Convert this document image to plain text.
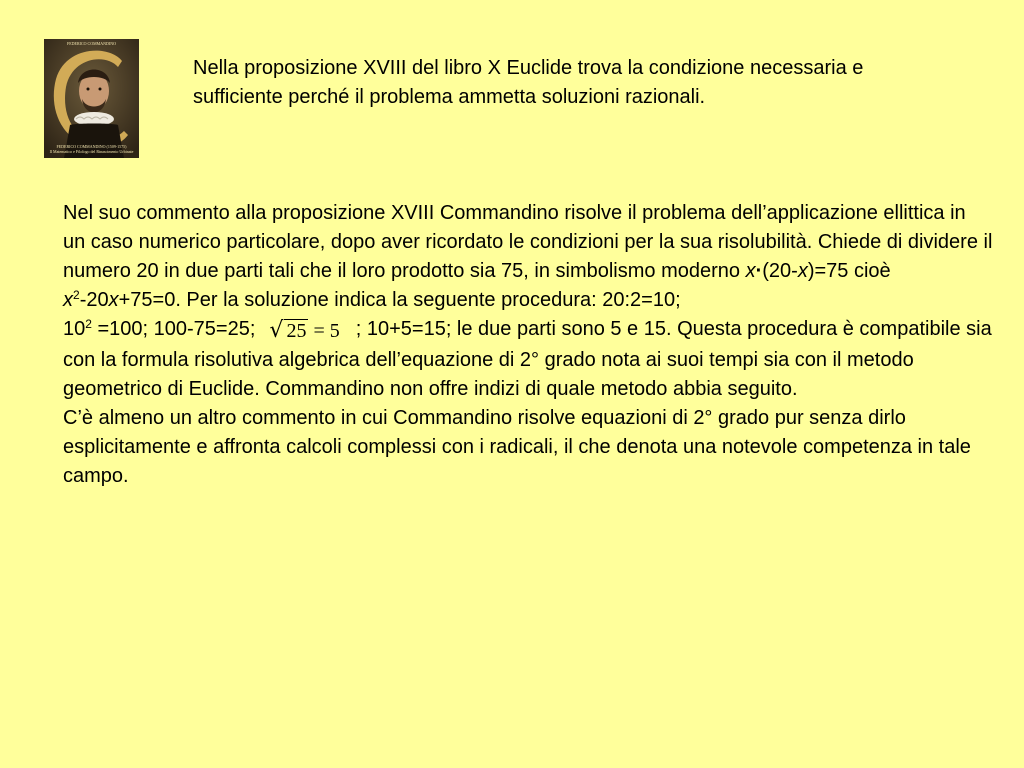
FEDERICO COMMANDINO
FEDERICO COMMANDINO (1509-1575)
Il Matematico e Filologo del Rinascimento Urbinate
Nella proposizione XVIII del libro X Euclide trova la condizione necessaria e sufficiente perché il problema ammetta soluzioni razionali.

Nel suo commento alla proposizione XVIII Commandino risolve il problema dell’applicazione ellittica in un caso numerico particolare, dopo aver ricordato le condizioni per la sua risolubilità. Chiede di dividere il numero 20 in due parti tali che il loro prodotto sia 75, in simbolismo moderno x·(20-x)=75 cioè
$x^2-20x+75=0$. Per la soluzione indica la seguente procedura: 20:2=10;
$10^2 =100$; 100-75=25; √ 25 = 5 ; 10+5=15; le due parti sono 5 e 15. Questa procedura è compatibile sia con la formula risolutiva algebrica dell’equazione di 2° grado nota ai suoi tempi sia con il metodo geometrico di Euclide. Commandino non offre indizi di quale metodo abbia seguito.

C’è almeno un altro commento in cui Commandino risolve equazioni di 2° grado pur senza dirlo esplicitamente e affronta calcoli complessi con i radicali, il che denota una notevole competenza in tale campo.
